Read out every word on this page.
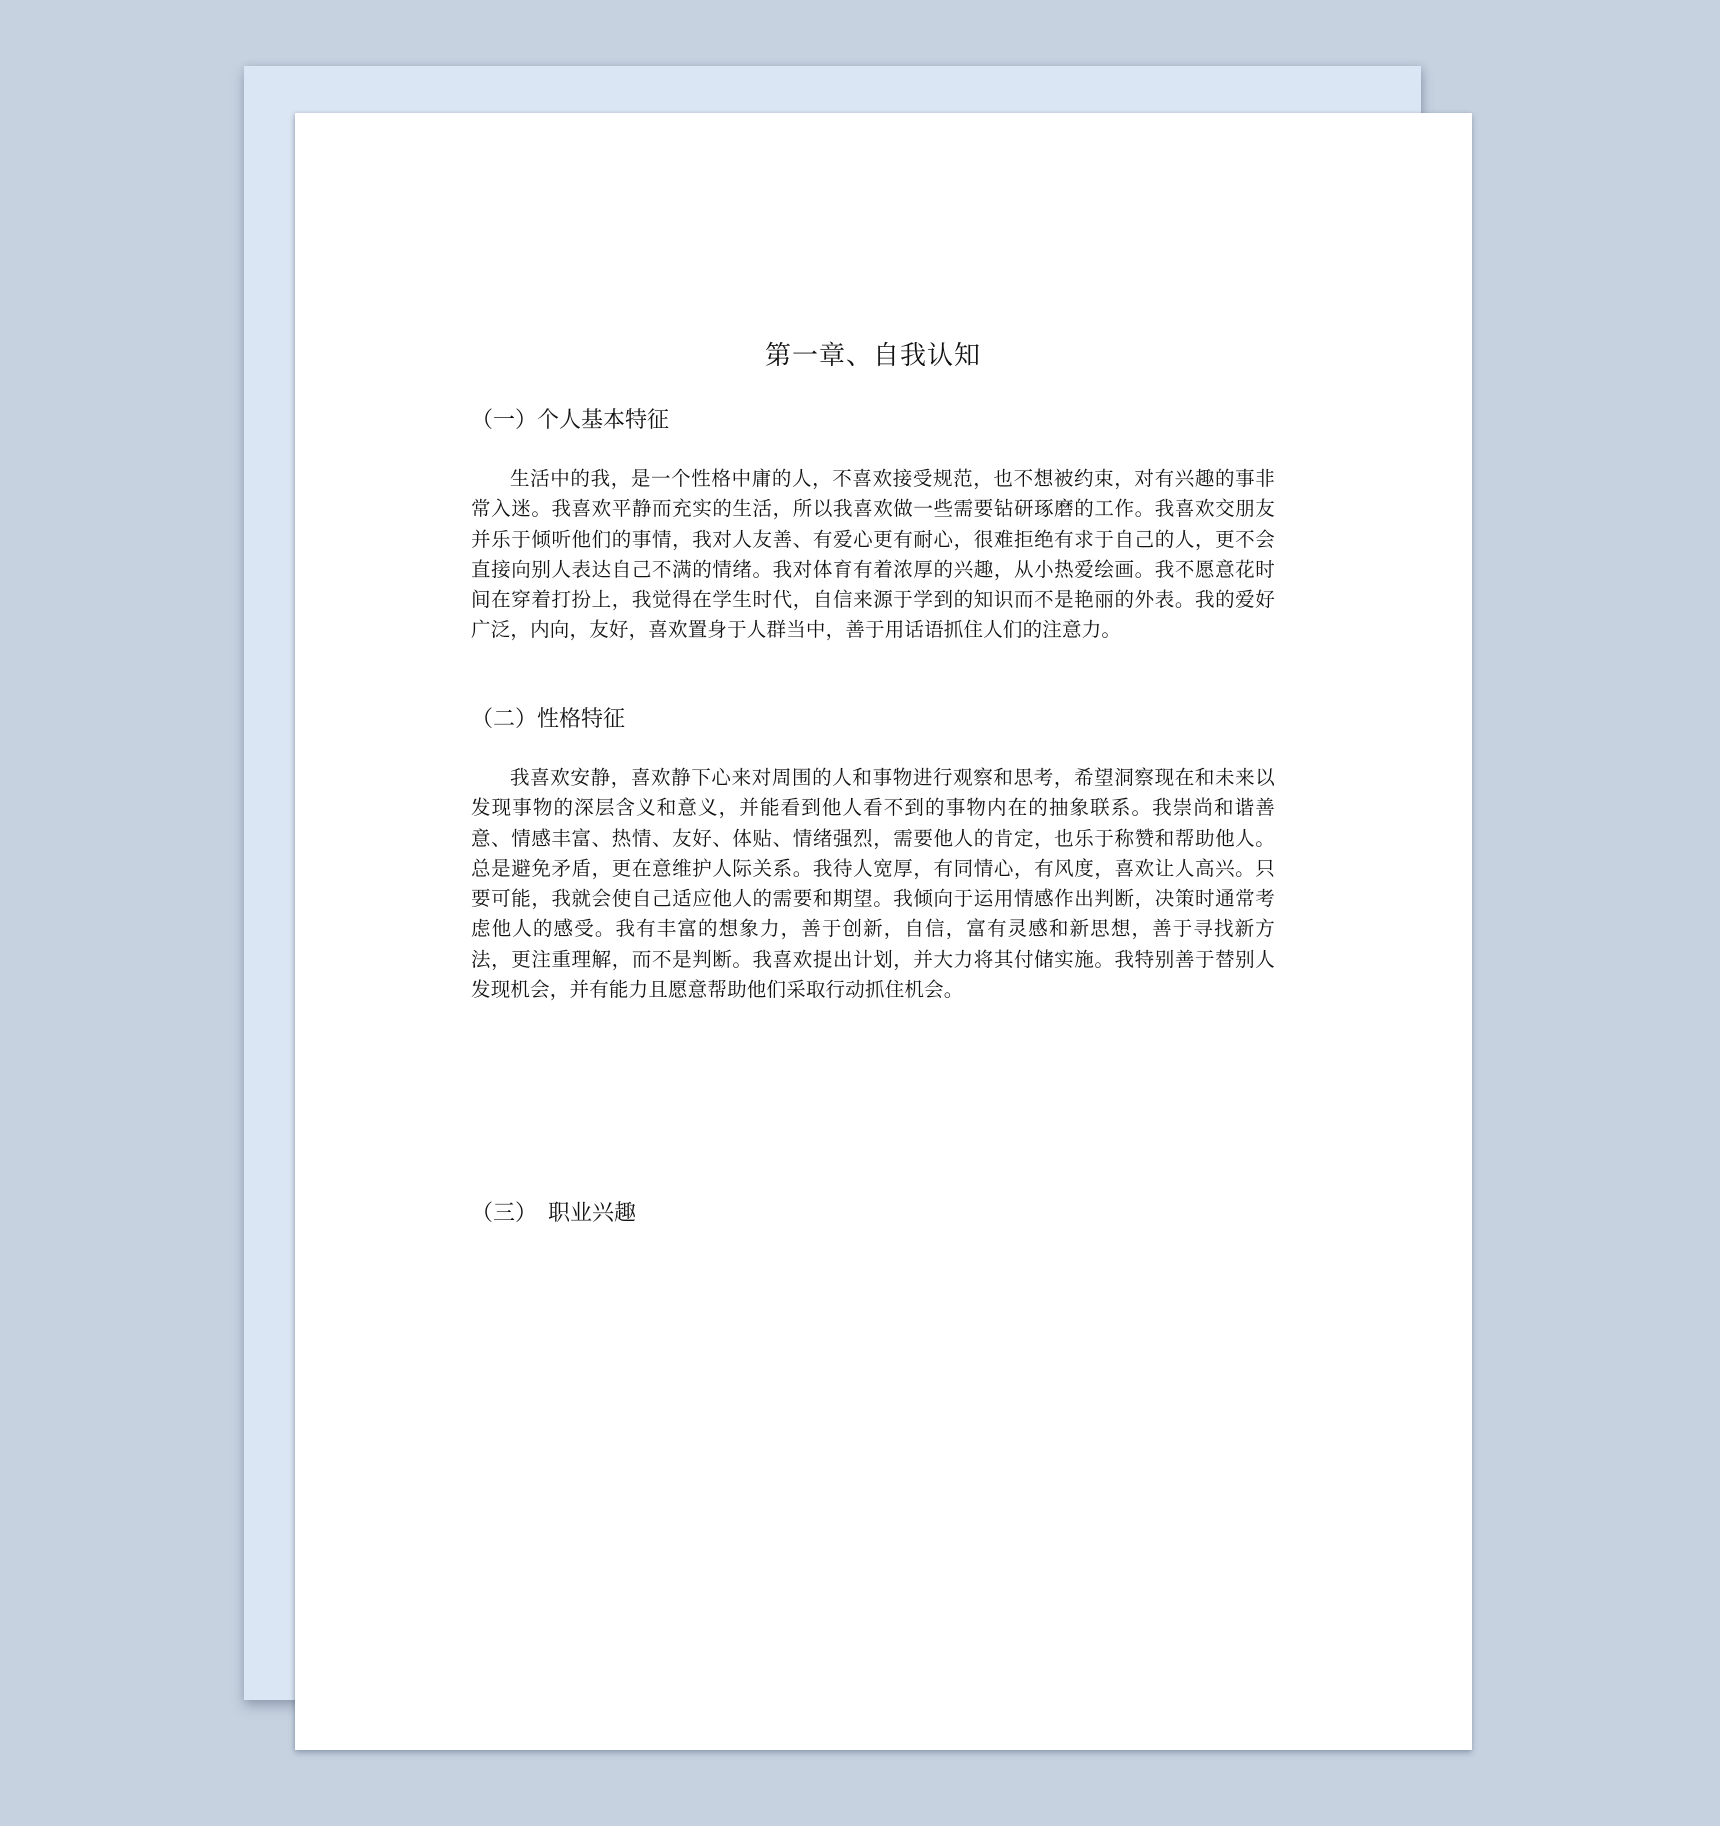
第一章、自我认知
（一）个人基本特征

生活中的我，是一个性格中庸的人，不喜欢接受规范，也不想被约束，对有兴趣的事非常入迷。我喜欢平静而充实的生活，所以我喜欢做一些需要钻研琢磨的工作。我喜欢交朋友并乐于倾听他们的事情，我对人友善、有爱心更有耐心，很难拒绝有求于自己的人，更不会直接向别人表达自己不满的情绪。我对体育有着浓厚的兴趣，从小热爱绘画。我不愿意花时间在穿着打扮上，我觉得在学生时代，自信来源于学到的知识而不是艳丽的外表。我的爱好广泛，内向，友好，喜欢置身于人群当中，善于用话语抓住人们的注意力。

（二）性格特征

我喜欢安静，喜欢静下心来对周围的人和事物进行观察和思考，希望洞察现在和未来以发现事物的深层含义和意义，并能看到他人看不到的事物内在的抽象联系。我崇尚和谐善意、情感丰富、热情、友好、体贴、情绪强烈，需要他人的肯定，也乐于称赞和帮助他人。总是避免矛盾，更在意维护人际关系。我待人宽厚，有同情心，有风度，喜欢让人高兴。只要可能，我就会使自己适应他人的需要和期望。我倾向于运用情感作出判断，决策时通常考虑他人的感受。我有丰富的想象力，善于创新，自信，富有灵感和新思想，善于寻找新方法，更注重理解，而不是判断。我喜欢提出计划，并大力将其付储实施。我特别善于替别人发现机会，并有能力且愿意帮助他们采取行动抓住机会。

（三）　职业兴趣
